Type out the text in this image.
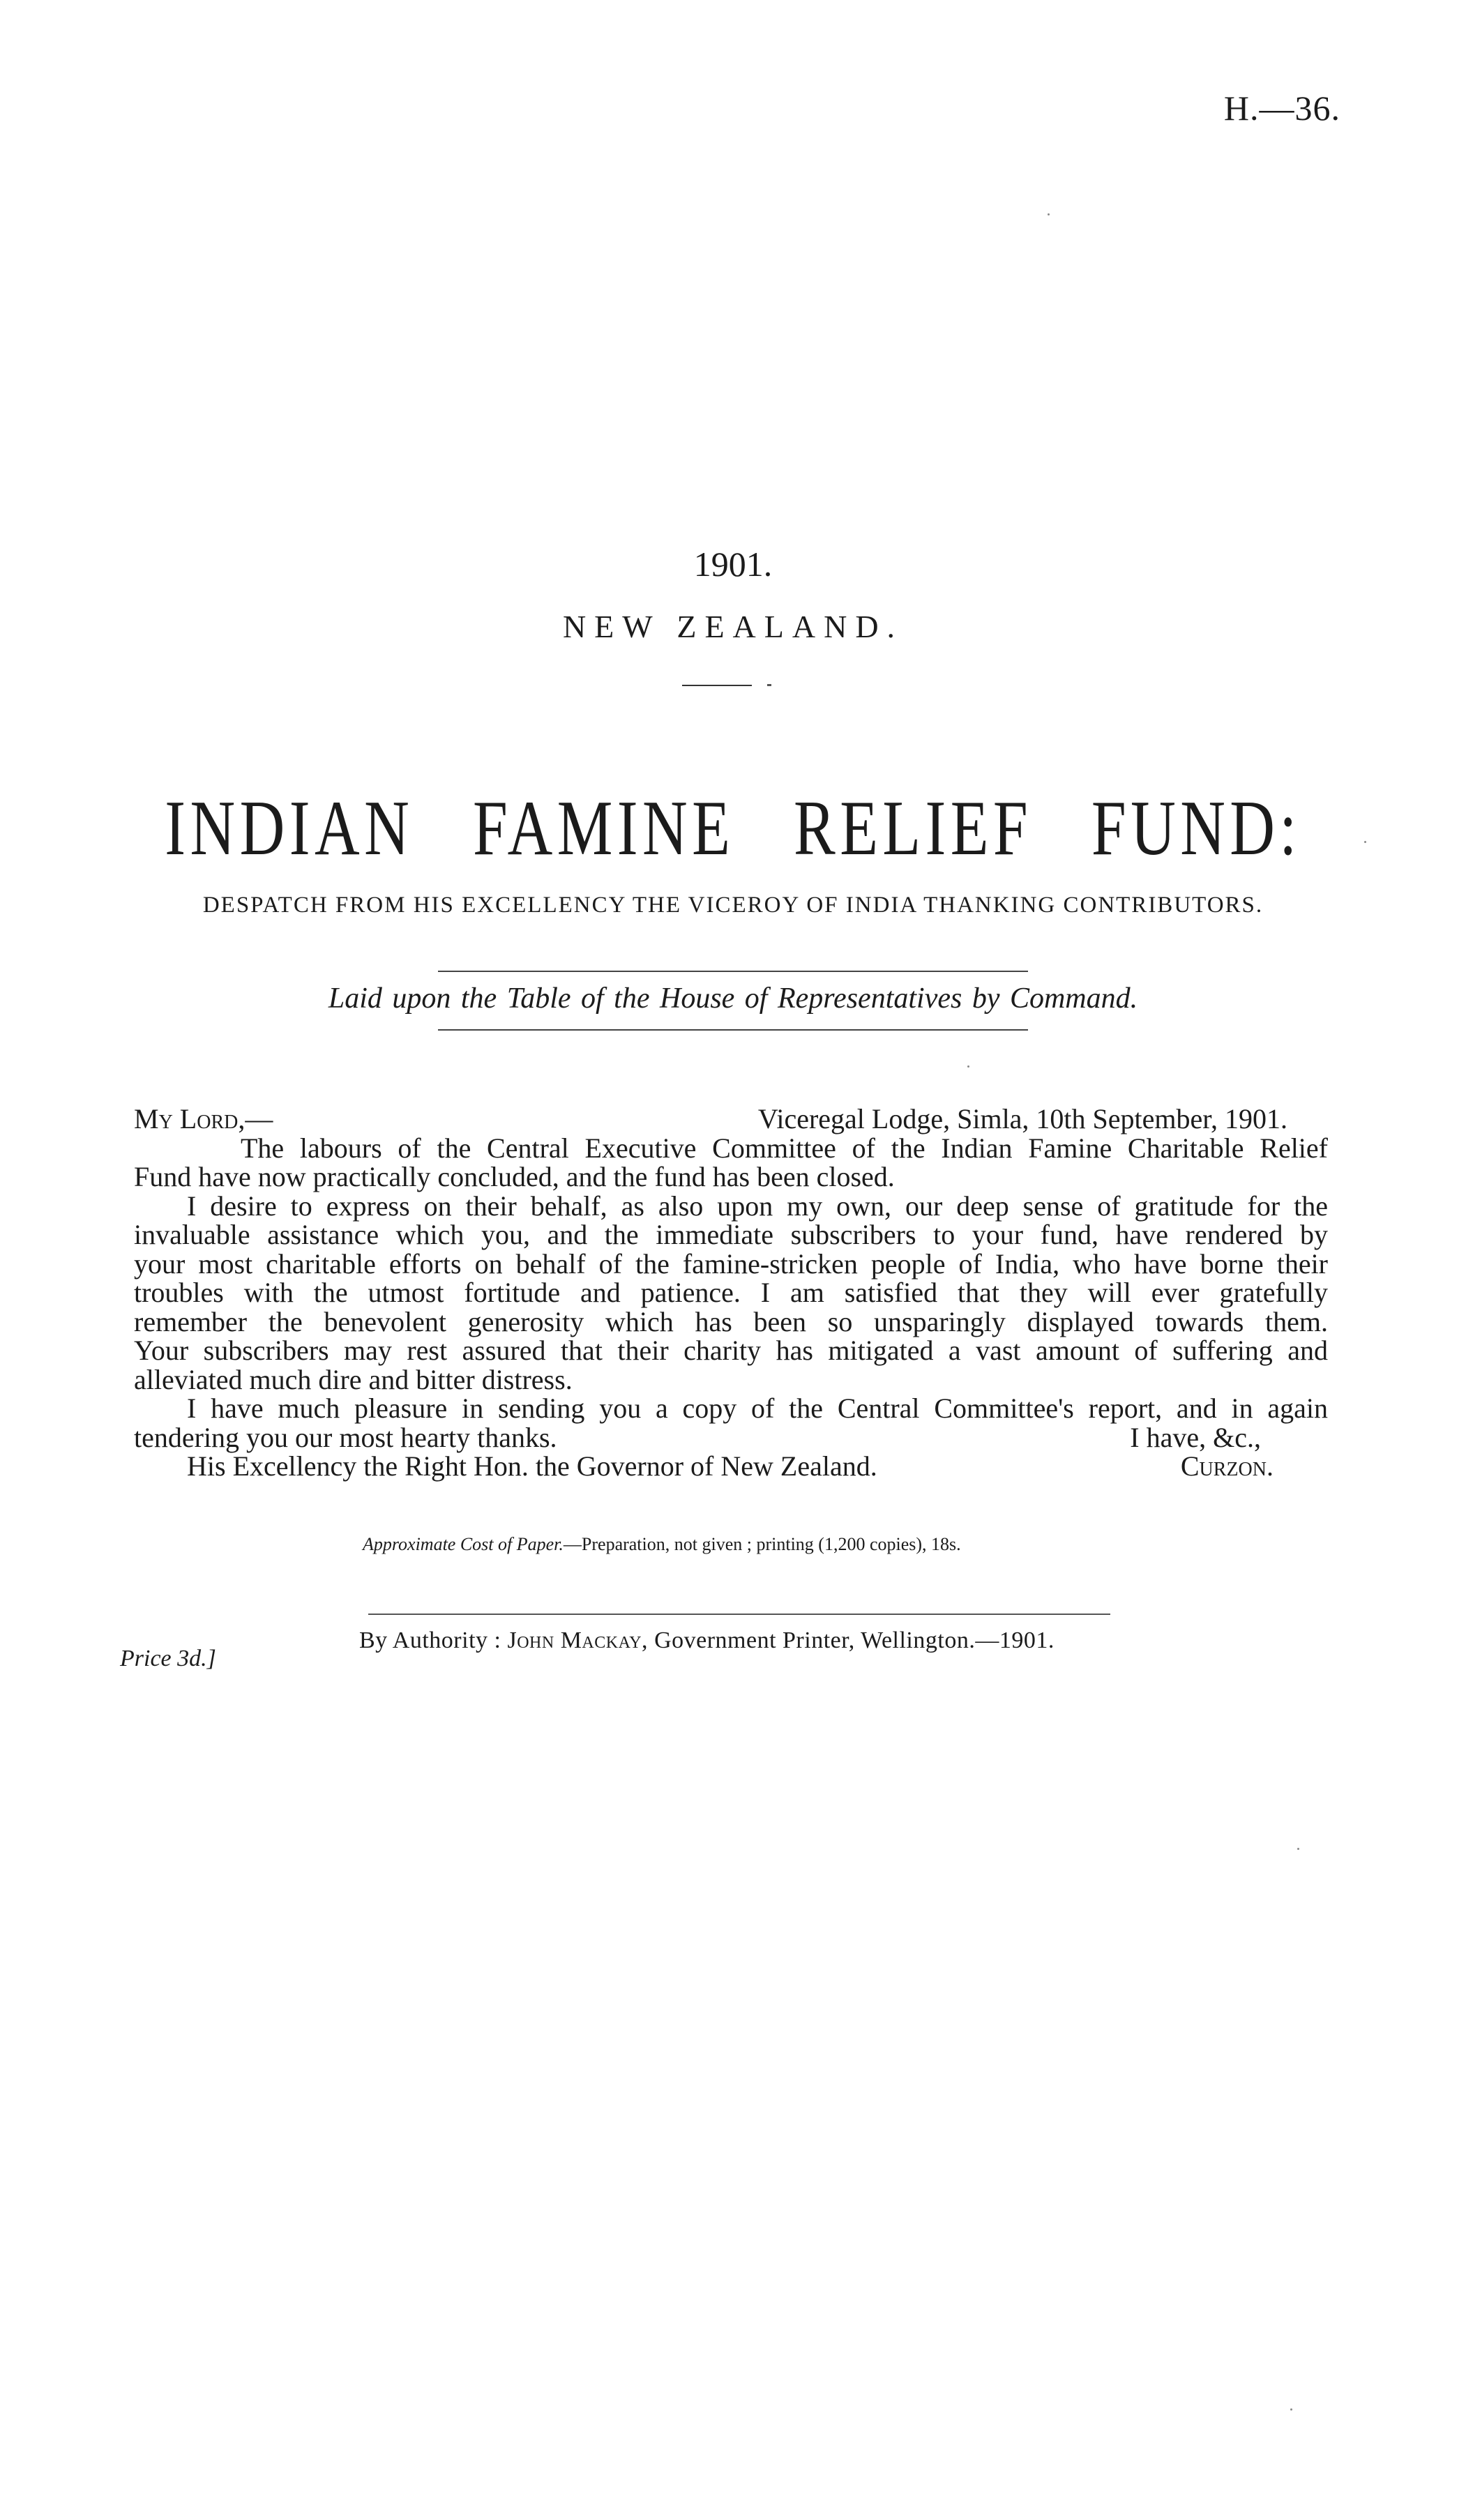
H.—36.
1901.
NEW ZEALAND.
INDIAN FAMINE RELIEF FUND:
DESPATCH FROM HIS EXCELLENCY THE VICEROY OF INDIA THANKING CONTRIBUTORS.
Laid upon the Table of the House of Representatives by Command.
My Lord,—	Viceregal Lodge, Simla, 10th September, 1901.

The labours of the Central Executive Committee of the Indian Famine Charitable Relief

Fund have now practically concluded, and the fund has been closed.

I desire to express on their behalf, as also upon my own, our deep sense of gratitude for the

invaluable assistance which you, and the immediate subscribers to your fund, have rendered by

your most charitable efforts on behalf of the famine-stricken people of India, who have borne their

troubles with the utmost fortitude and patience. I am satisfied that they will ever gratefully

remember the benevolent generosity which has been so unsparingly displayed towards them.

Your subscribers may rest assured that their charity has mitigated a vast amount of suffering and

alleviated much dire and bitter distress.

I have much pleasure in sending you a copy of the Central Committee's report, and in again

tendering you our most hearty thanks.	I have, &c.,
His Excellency the Right Hon. the Governor of New Zealand.	Curzon.
Approximate Cost of Paper.—Preparation, not given ; printing (1,200 copies), 18s.
By Authority : John Mackay, Government Printer, Wellington.—1901.
Price 3d.]
